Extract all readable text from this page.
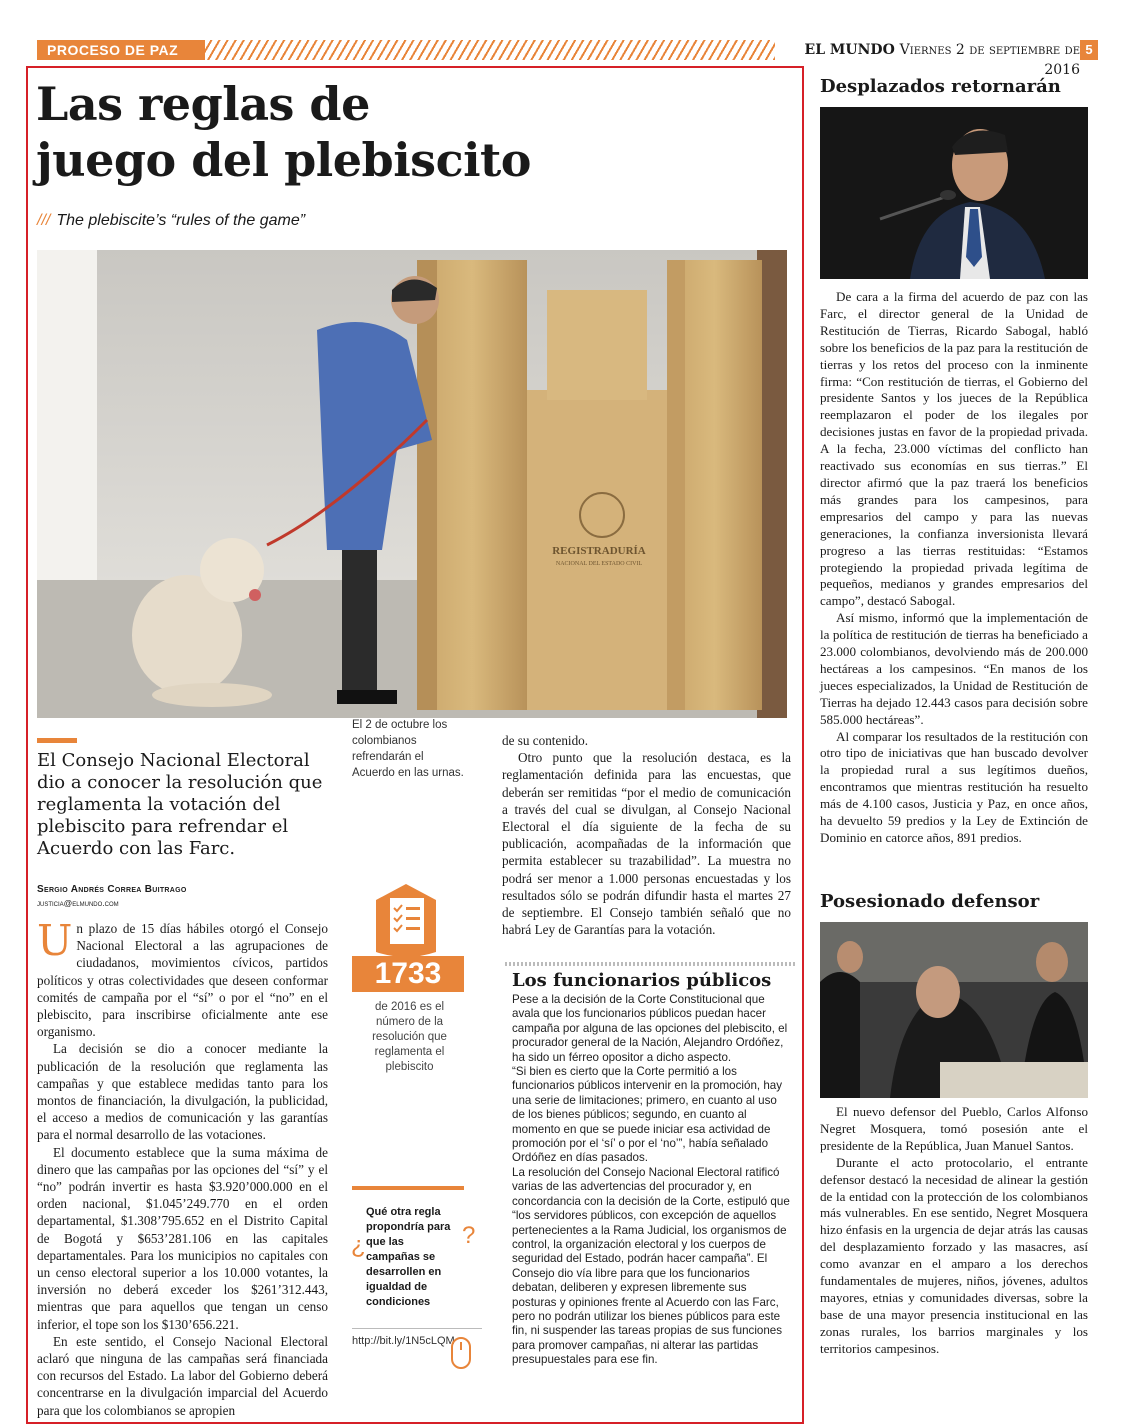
PROCESO DE PAZ	EL MUNDO Viernes 2 de septiembre de 2016
5
Las reglas de
juego del plebiscito
/// The plebiscite’s “rules of the game”
REGISTRADURÍA
NACIONAL DEL ESTADO CIVIL
El 2 de octubre los colombianos refrendarán el Acuerdo en las urnas.
El Consejo Nacional Electoral dio a conocer la resolución que reglamenta la votación del plebiscito para refrendar el Acuerdo con las Farc.
Sergio Andrés Correa Buitrago
justicia@elmundo.com

Un plazo de 15 días hábiles otorgó el Consejo Nacional Electoral a las agrupaciones de ciudadanos, movimientos cívicos, partidos políticos y otras colectividades que deseen conformar comités de campaña por el “sí” o por el “no” en el plebiscito, para inscribirse oficialmente ante ese organismo.

La decisión se dio a conocer mediante la publicación de la resolución que reglamenta las campañas y que establece medidas tanto para los montos de financiación, la divulgación, la publicidad, el acceso a medios de comunicación y las garantías para el normal desarrollo de las votaciones.

El documento establece que la suma máxima de dinero que las campañas por las opciones del “sí” y el “no” podrán invertir es hasta $3.920’000.000 en el orden nacional, $1.045’249.770 en el orden departamental, $1.308’795.652 en el Distrito Capital de Bogotá y $653’281.106 en las capitales departamentales. Para los municipios no capitales con un censo electoral superior a los 10.000 votantes, la inversión no deberá exceder los $261’312.443, mientras que para aquellos que tengan un censo inferior, el tope son los $130’656.221.

En este sentido, el Consejo Nacional Electoral aclaró que ninguna de las campañas será financiada con recursos del Estado. La labor del Gobierno deberá concentrarse en la divulgación imparcial del Acuerdo para que los colombianos se apropien

1733
de 2016 es el número de la resolución que reglamenta el plebiscito
¿
Qué otra regla propondría para que las campañas se desarrollen en igualdad de condiciones
?
http://bit.ly/1N5cLQM

de su contenido.

Otro punto que la resolución destaca, es la reglamentación definida para las encuestas, que deberán ser remitidas “por el medio de comunicación a través del cual se divulgan, al Consejo Nacional Electoral el día siguiente de la fecha de su publicación, acompañadas de la información que permita establecer su trazabilidad”. La muestra no podrá ser menor a 1.000 personas encuestadas y los resultados sólo se podrán difundir hasta el martes 27 de septiembre. El Consejo también señaló que no habrá Ley de Garantías para la votación.

Los funcionarios públicos

Pese a la decisión de la Corte Constitucional que avala que los funcionarios públicos puedan hacer campaña por alguna de las opciones del plebiscito, el procurador general de la Nación, Alejandro Ordóñez, ha sido un férreo opositor a dicho aspecto.

“Si bien es cierto que la Corte permitió a los funcionarios públicos intervenir en la promoción, hay una serie de limitaciones; primero, en cuanto al uso de los bienes públicos; segundo, en cuanto al momento en que se puede iniciar esa actividad de promoción por el ‘sí’ o por el ‘no’”, había señalado Ordóñez en días pasados.

La resolución del Consejo Nacional Electoral ratificó varias de las advertencias del procurador y, en concordancia con la decisión de la Corte, estipuló que “los servidores públicos, con excepción de aquellos pertenecientes a la Rama Judicial, los organismos de control, la organización electoral y los cuerpos de seguridad del Estado, podrán hacer campaña”. El Consejo dio vía libre para que los funcionarios debatan, deliberen y expresen libremente sus posturas y opiniones frente al Acuerdo con las Farc, pero no podrán utilizar los bienes públicos para este fin, ni suspender las tareas propias de sus funciones para promover campañas, ni alterar las partidas presupuestales para ese fin.

Desplazados retornarán

De cara a la firma del acuerdo de paz con las Farc, el director general de la Unidad de Restitución de Tierras, Ricardo Sabogal, habló sobre los beneficios de la paz para la restitución de tierras y los retos del proceso con la inminente firma: “Con restitución de tierras, el Gobierno del presidente Santos y los jueces de la República reemplazaron el poder de los ilegales por decisiones justas en favor de la propiedad privada. A la fecha, 23.000 víctimas del conflicto han reactivado sus economías en sus tierras.” El director afirmó que la paz traerá los beneficios más grandes para los campesinos, para empresarios del campo y para las nuevas generaciones, la confianza inversionista llevará progreso a las tierras restituidas: “Estamos protegiendo la propiedad privada legítima de pequeños, medianos y grandes empresarios del campo”, destacó Sabogal.

Así mismo, informó que la implementación de la política de restitución de tierras ha beneficiado a 23.000 colombianos, devolviendo más de 200.000 hectáreas a los campesinos. “En manos de los jueces especializados, la Unidad de Restitución de Tierras ha dejado 12.443 casos para decisión sobre 585.000 hectáreas”.

Al comparar los resultados de la restitución con otro tipo de iniciativas que han buscado devolver la propiedad rural a sus legítimos dueños, encontramos que mientras restitución ha resuelto más de 4.100 casos, Justicia y Paz, en once años, ha devuelto 59 predios y la Ley de Extinción de Dominio en catorce años, 891 predios.

Posesionado defensor

El nuevo defensor del Pueblo, Carlos Alfonso Negret Mosquera, tomó posesión ante el presidente de la República, Juan Manuel Santos.

Durante el acto protocolario, el entrante defensor destacó la necesidad de alinear la gestión de la entidad con la protección de los colombianos más vulnerables. En ese sentido, Negret Mosquera hizo énfasis en la urgencia de dejar atrás las causas del desplazamiento forzado y las masacres, así como avanzar en el amparo a los derechos fundamentales de mujeres, niños, jóvenes, adultos mayores, etnias y comunidades diversas, sobre la base de una mayor presencia institucional en las zonas rurales, los barrios marginales y los territorios campesinos.
